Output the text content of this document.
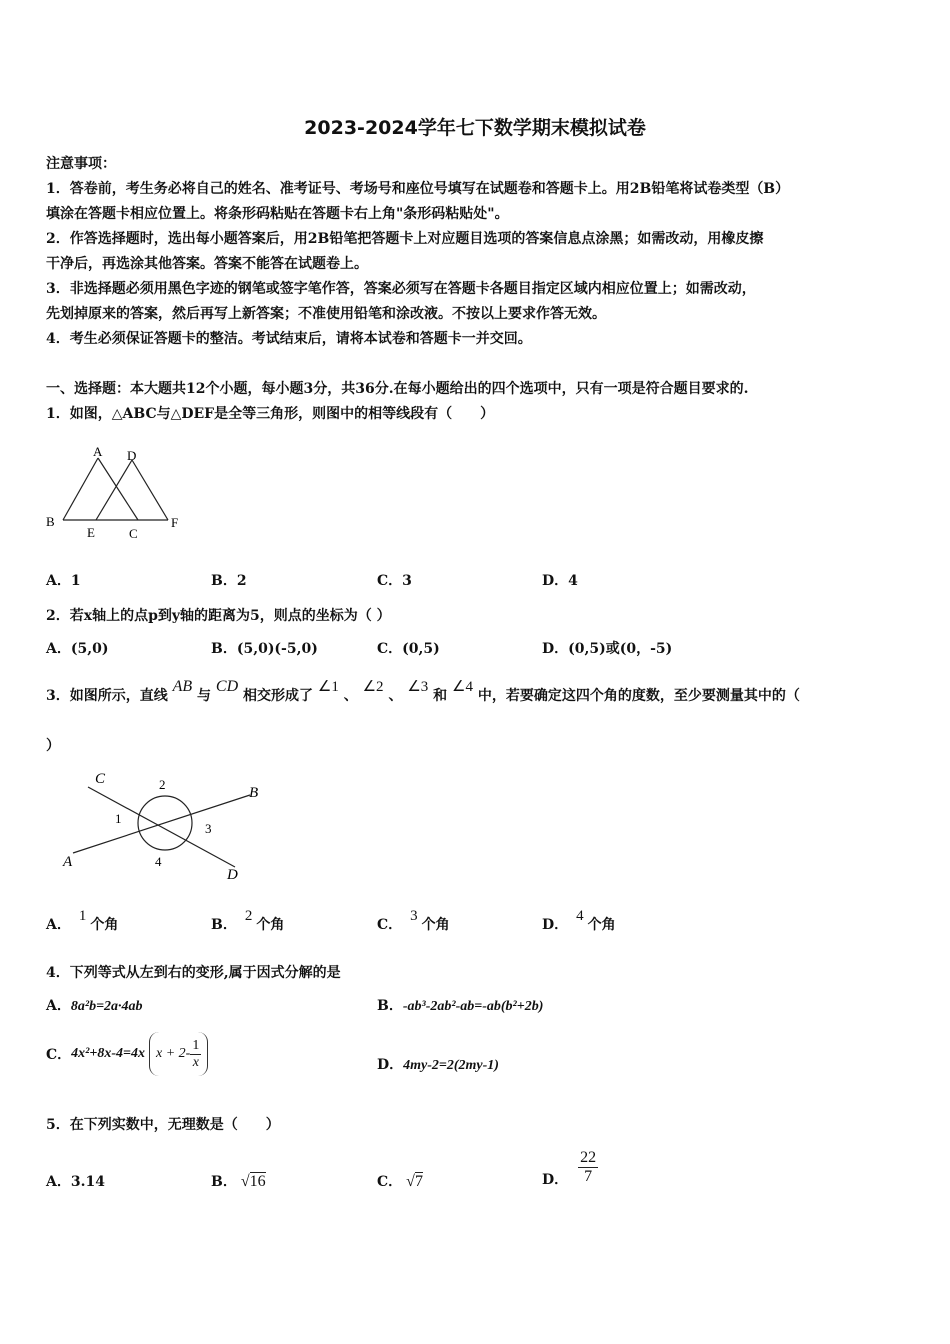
2023-2024学年七下数学期末模拟试卷
注意事项：
1．答卷前，考生务必将自己的姓名、准考证号、考场号和座位号填写在试题卷和答题卡上。用2B铅笔将试卷类型（B）
填涂在答题卡相应位置上。将条形码粘贴在答题卡右上角"条形码粘贴处"。
2．作答选择题时，选出每小题答案后，用2B铅笔把答题卡上对应题目选项的答案信息点涂黑；如需改动，用橡皮擦
干净后，再选涂其他答案。答案不能答在试题卷上。
3．非选择题必须用黑色字迹的钢笔或签字笔作答，答案必须写在答题卡各题目指定区域内相应位置上；如需改动，
先划掉原来的答案，然后再写上新答案；不准使用铅笔和涂改液。不按以上要求作答无效。
4．考生必须保证答题卡的整洁。考试结束后，请将本试卷和答题卡一并交回。
一、选择题：本大题共12个小题，每小题3分，共36分.在每小题给出的四个选项中，只有一项是符合题目要求的.
1．如图，△ABC与△DEF是全等三角形，则图中的相等线段有（　　）
A D
B
E	C
F
A．1	B．2	C．3	D．4
2．若x轴上的点p到y轴的距离为5，则点的坐标为（ ）
A．(5,0)	B．(5,0)(-5,0)	C．(0,5)	D．(0,5)或(0，-5)
3．如图所示，直线 AB 与 CD 相交形成了 ∠1 、 ∠2 、 ∠3 和 ∠4 中，若要确定这四个角的度数，至少要测量其中的（
）
C
B
A
D
2
1
3
4
A．1个角	B．2个角	C．3个角	D．4个角
4．下列等式从左到右的变形,属于因式分解的是
A．8a²b=2a·4ab	B．-ab³-2ab²-ab=-ab(b²+2b)
C． 4x²+8x-4=4x $x + 2- \frac{1}{x}$	D．4my-2=2(2my-1)
5．在下列实数中，无理数是（　　）
A．3.14	B． √16	C． √7	D． $\frac{22}{7}$
